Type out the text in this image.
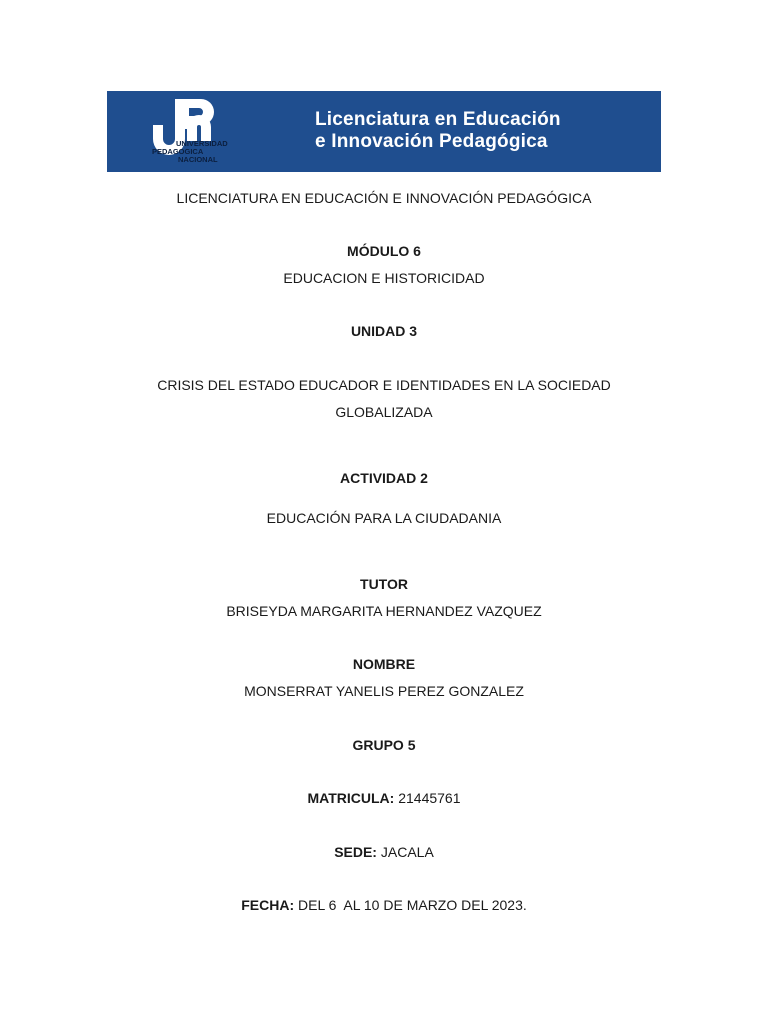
UNIVERSIDAD
PEDAGOGICA
NACIONAL
Licenciatura en Educación
e Innovación Pedagógica
LICENCIATURA EN EDUCACIÓN E INNOVACIÓN PEDAGÓGICA
MÓDULO 6
EDUCACION E HISTORICIDAD
UNIDAD 3
CRISIS DEL ESTADO EDUCADOR E IDENTIDADES EN LA SOCIEDAD
GLOBALIZADA
ACTIVIDAD 2
EDUCACIÓN PARA LA CIUDADANIA
TUTOR
BRISEYDA MARGARITA HERNANDEZ VAZQUEZ
NOMBRE
MONSERRAT YANELIS PEREZ GONZALEZ
GRUPO 5
MATRICULA: 21445761
SEDE: JACALA
FECHA: DEL 6  AL 10 DE MARZO DEL 2023.
